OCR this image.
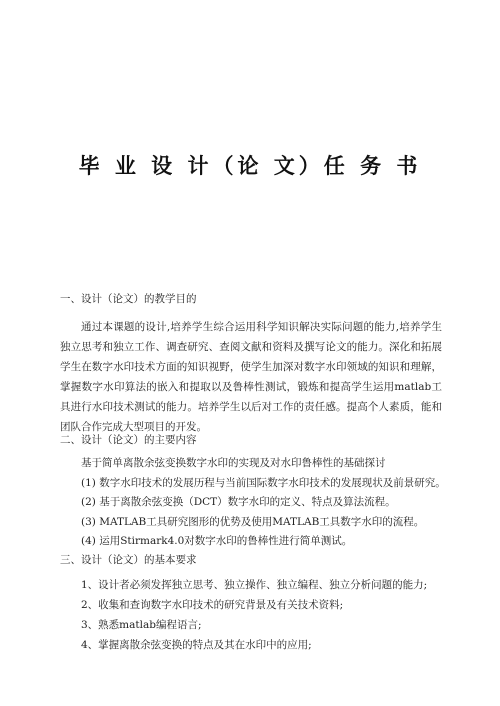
毕 业 设 计（论 文）任 务 书
一、设计（论文）的教学目的

通过本课题的设计,培养学生综合运用科学知识解决实际问题的能力,培养学生独立思考和独立工作、调查研究、查阅文献和资料及撰写论文的能力。深化和拓展学生在数字水印技术方面的知识视野，使学生加深对数字水印领域的知识和理解，掌握数字水印算法的嵌入和提取以及鲁棒性测试，锻炼和提高学生运用matlab工具进行水印技术测试的能力。培养学生以后对工作的责任感。提高个人素质，能和团队合作完成大型项目的开发。

二、设计（论文）的主要内容
基于简单离散余弦变换数字水印的实现及对水印鲁棒性的基础探讨
(1) 数字水印技术的发展历程与当前国际数字水印技术的发展现状及前景研究。
(2) 基于离散余弦变换（DCT）数字水印的定义、特点及算法流程。
(3) MATLAB工具研究图形的优势及使用MATLAB工具数字水印的流程。
(4) 运用Stirmark4.0对数字水印的鲁棒性进行简单测试。
三、设计（论文）的基本要求
1、设计者必须发挥独立思考、独立操作、独立编程、独立分析问题的能力;
2、收集和查询数字水印技术的研究背景及有关技术资料;
3、熟悉matlab编程语言;
4、掌握离散余弦变换的特点及其在水印中的应用;
